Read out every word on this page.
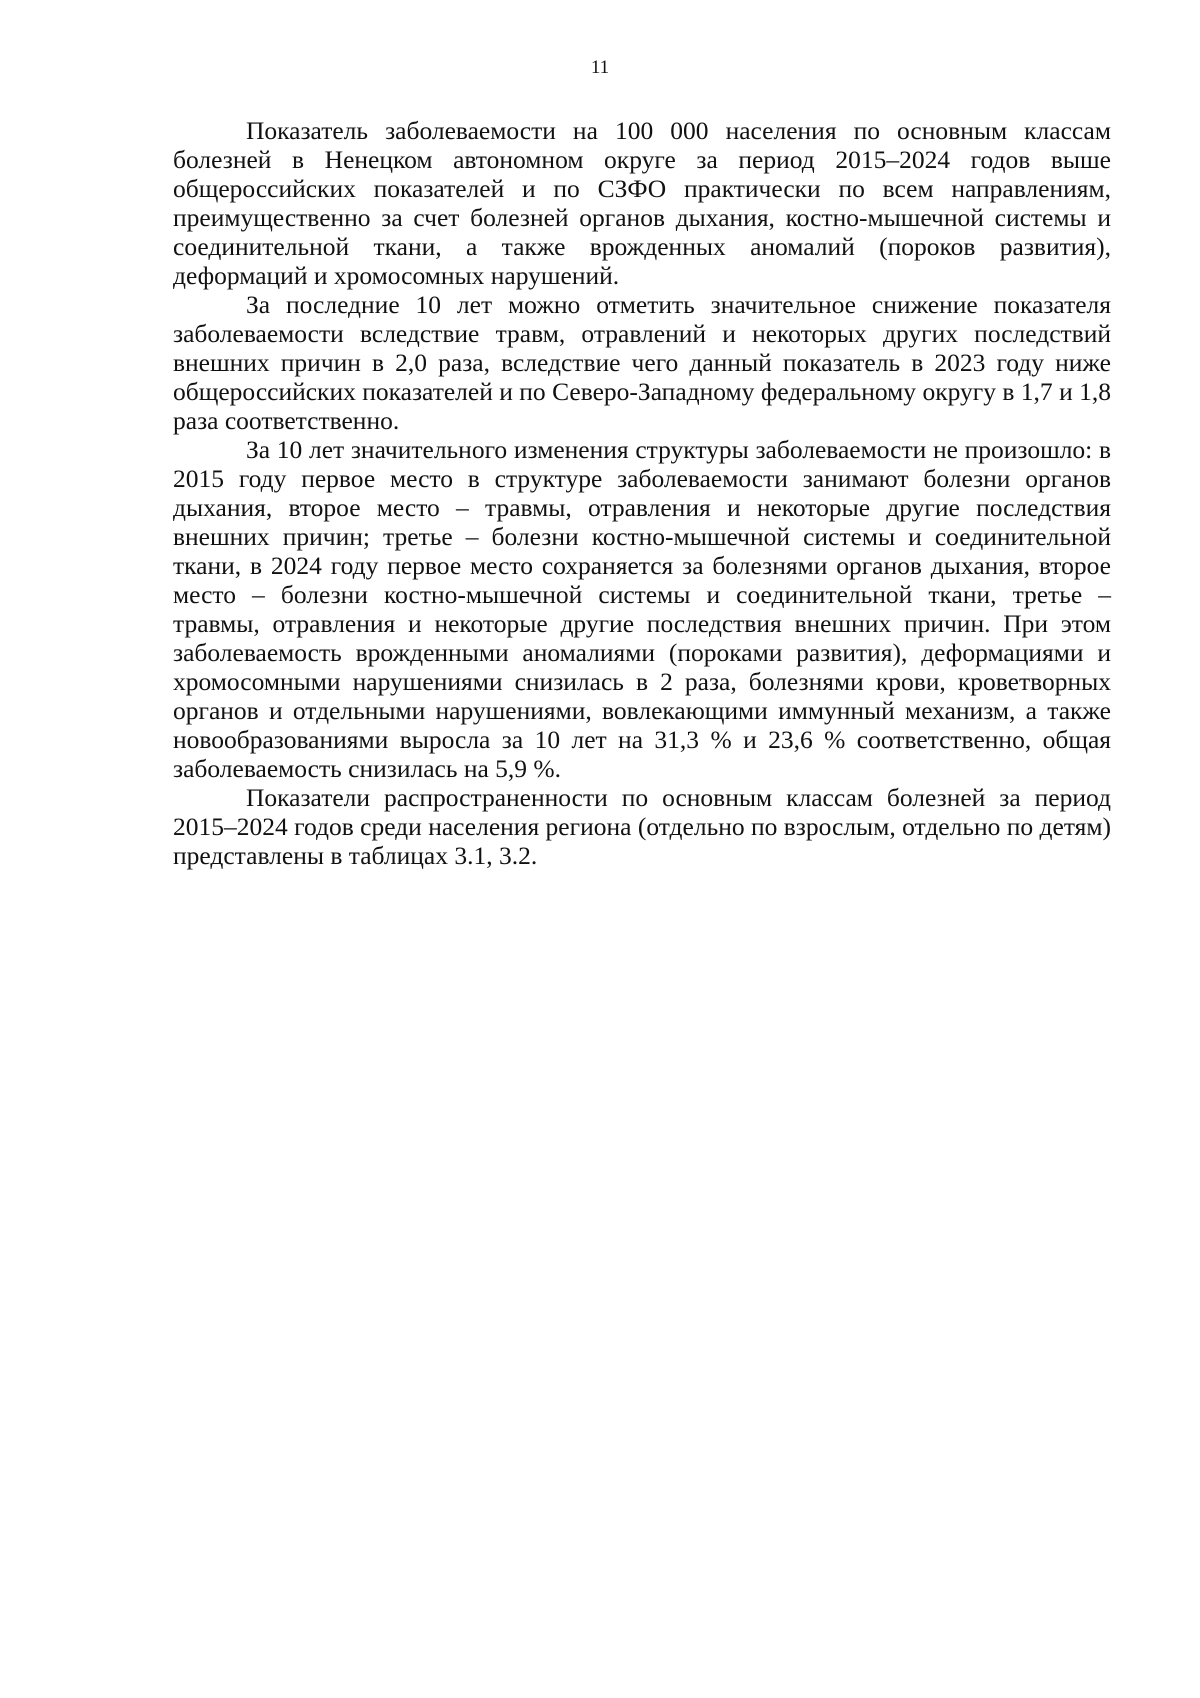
11

Показатель заболеваемости на 100 000 населения по основным классам болезней в Ненецком автономном округе за период 2015–2024 годов выше общероссийских показателей и по СЗФО практически по всем направлениям, преимущественно за счет болезней органов дыхания, костно-мышечной системы и соединительной ткани, а также врожденных аномалий (пороков развития), деформаций и хромосомных нарушений.

За последние 10 лет можно отметить значительное снижение показателя заболеваемости вследствие травм, отравлений и некоторых других последствий внешних причин в 2,0 раза, вследствие чего данный показатель в 2023 году ниже общероссийских показателей и по Северо-Западному федеральному округу в 1,7 и 1,8 раза соответственно.

За 10 лет значительного изменения структуры заболеваемости не произошло: в 2015 году первое место в структуре заболеваемости занимают болезни органов дыхания, второе место – травмы, отравления и некоторые другие последствия внешних причин; третье – болезни костно-мышечной системы и соединительной ткани, в 2024 году первое место сохраняется за болезнями органов дыхания, второе место – болезни костно-мышечной системы и соединительной ткани, третье – травмы, отравления и некоторые другие последствия внешних причин. При этом заболеваемость врожденными аномалиями (пороками развития), деформациями и хромосомными нарушениями снизилась в 2 раза, болезнями крови, кроветворных органов и отдельными нарушениями, вовлекающими иммунный механизм, а также новообразованиями выросла за 10 лет на 31,3 % и 23,6 % соответственно, общая заболеваемость снизилась на 5,9 %.

Показатели распространенности по основным классам болезней за период 2015–2024 годов среди населения региона (отдельно по взрослым, отдельно по детям) представлены в таблицах 3.1, 3.2.
